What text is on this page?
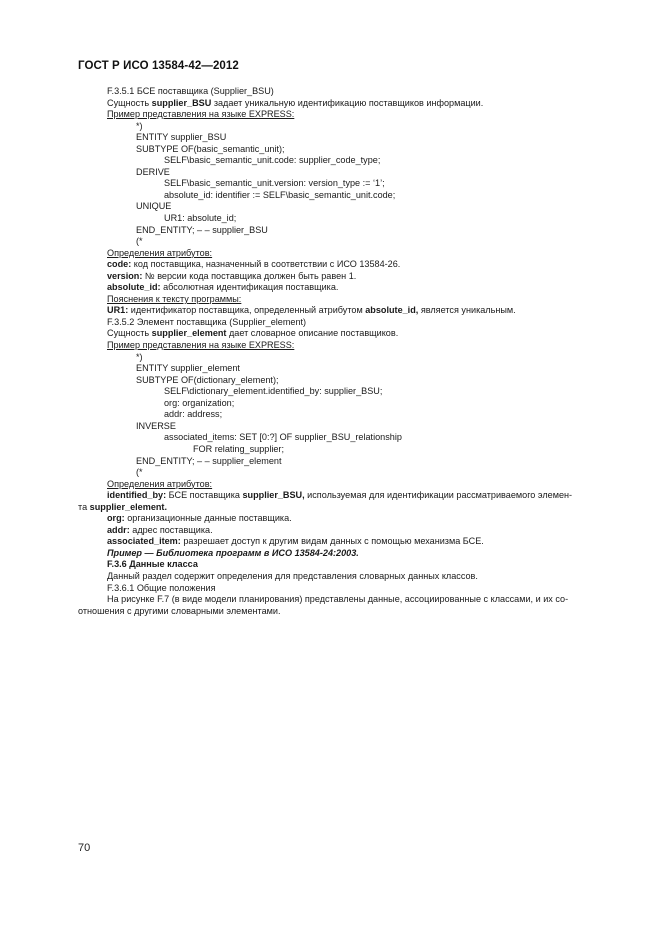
ГОСТ Р ИСО 13584-42—2012
F.3.5.1 БСЕ поставщика (Supplier_BSU)
Сущность supplier_BSU задает уникальную идентификацию поставщиков информации.
Пример представления на языке EXPRESS:
*)
ENTITY supplier_BSU
SUBTYPE OF(basic_semantic_unit);
SELF\basic_semantic_unit.code: supplier_code_type;
DERIVE
SELF\basic_semantic_unit.version: version_type := ‘1’;
absolute_id: identifier := SELF\basic_semantic_unit.code;
UNIQUE
UR1: absolute_id;
END_ENTITY; – – supplier_BSU
(*
Определения атрибутов:
code: код поставщика, назначенный в соответствии с ИСО 13584-26.
version: № версии кода поставщика должен быть равен 1.
absolute_id: абсолютная идентификация поставщика.
Пояснения к тексту программы:
UR1: идентификатор поставщика, определенный атрибутом absolute_id, является уникальным.
F.3.5.2 Элемент поставщика (Supplier_element)
Сущность supplier_element дает словарное описание поставщиков.
Пример представления на языке EXPRESS:
*)
ENTITY supplier_element
SUBTYPE OF(dictionary_element);
SELF\dictionary_element.identified_by: supplier_BSU;
org: organization;
addr: address;
INVERSE
associated_items: SET [0:?] OF supplier_BSU_relationship
FOR relating_supplier;
END_ENTITY; – – supplier_element
(*
Определения атрибутов:
identified_by: БСЕ поставщика supplier_BSU, используемая для идентификации рассматриваемого элемен-
та supplier_element.
org: организационные данные поставщика.
addr: адрес поставщика.
associated_item: разрешает доступ к другим видам данных с помощью механизма БСЕ.
Пример — Библиотека программ в ИСО 13584-24:2003.
F.3.6 Данные класса
Данный раздел содержит определения для представления словарных данных классов.
F.3.6.1 Общие положения
На рисунке F.7 (в виде модели планирования) представлены данные, ассоциированные с классами, и их со-
отношения с другими словарными элементами.
70
